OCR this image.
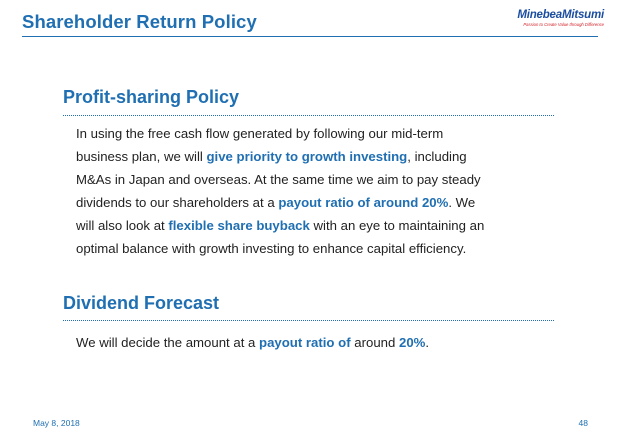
Shareholder Return Policy	MinebeaMitsumi
Passion to Create Value through Difference
Profit-sharing Policy
In using the free cash flow generated by following our mid-term
business plan, we will give priority to growth investing, including
M&As in Japan and overseas. At the same time we aim to pay steady
dividends to our shareholders at a payout ratio of around 20%. We
will also look at flexible share buyback with an eye to maintaining an
optimal balance with growth investing to enhance capital efficiency.
Dividend Forecast
We will decide the amount at a payout ratio of around 20%.
May 8, 2018	48
